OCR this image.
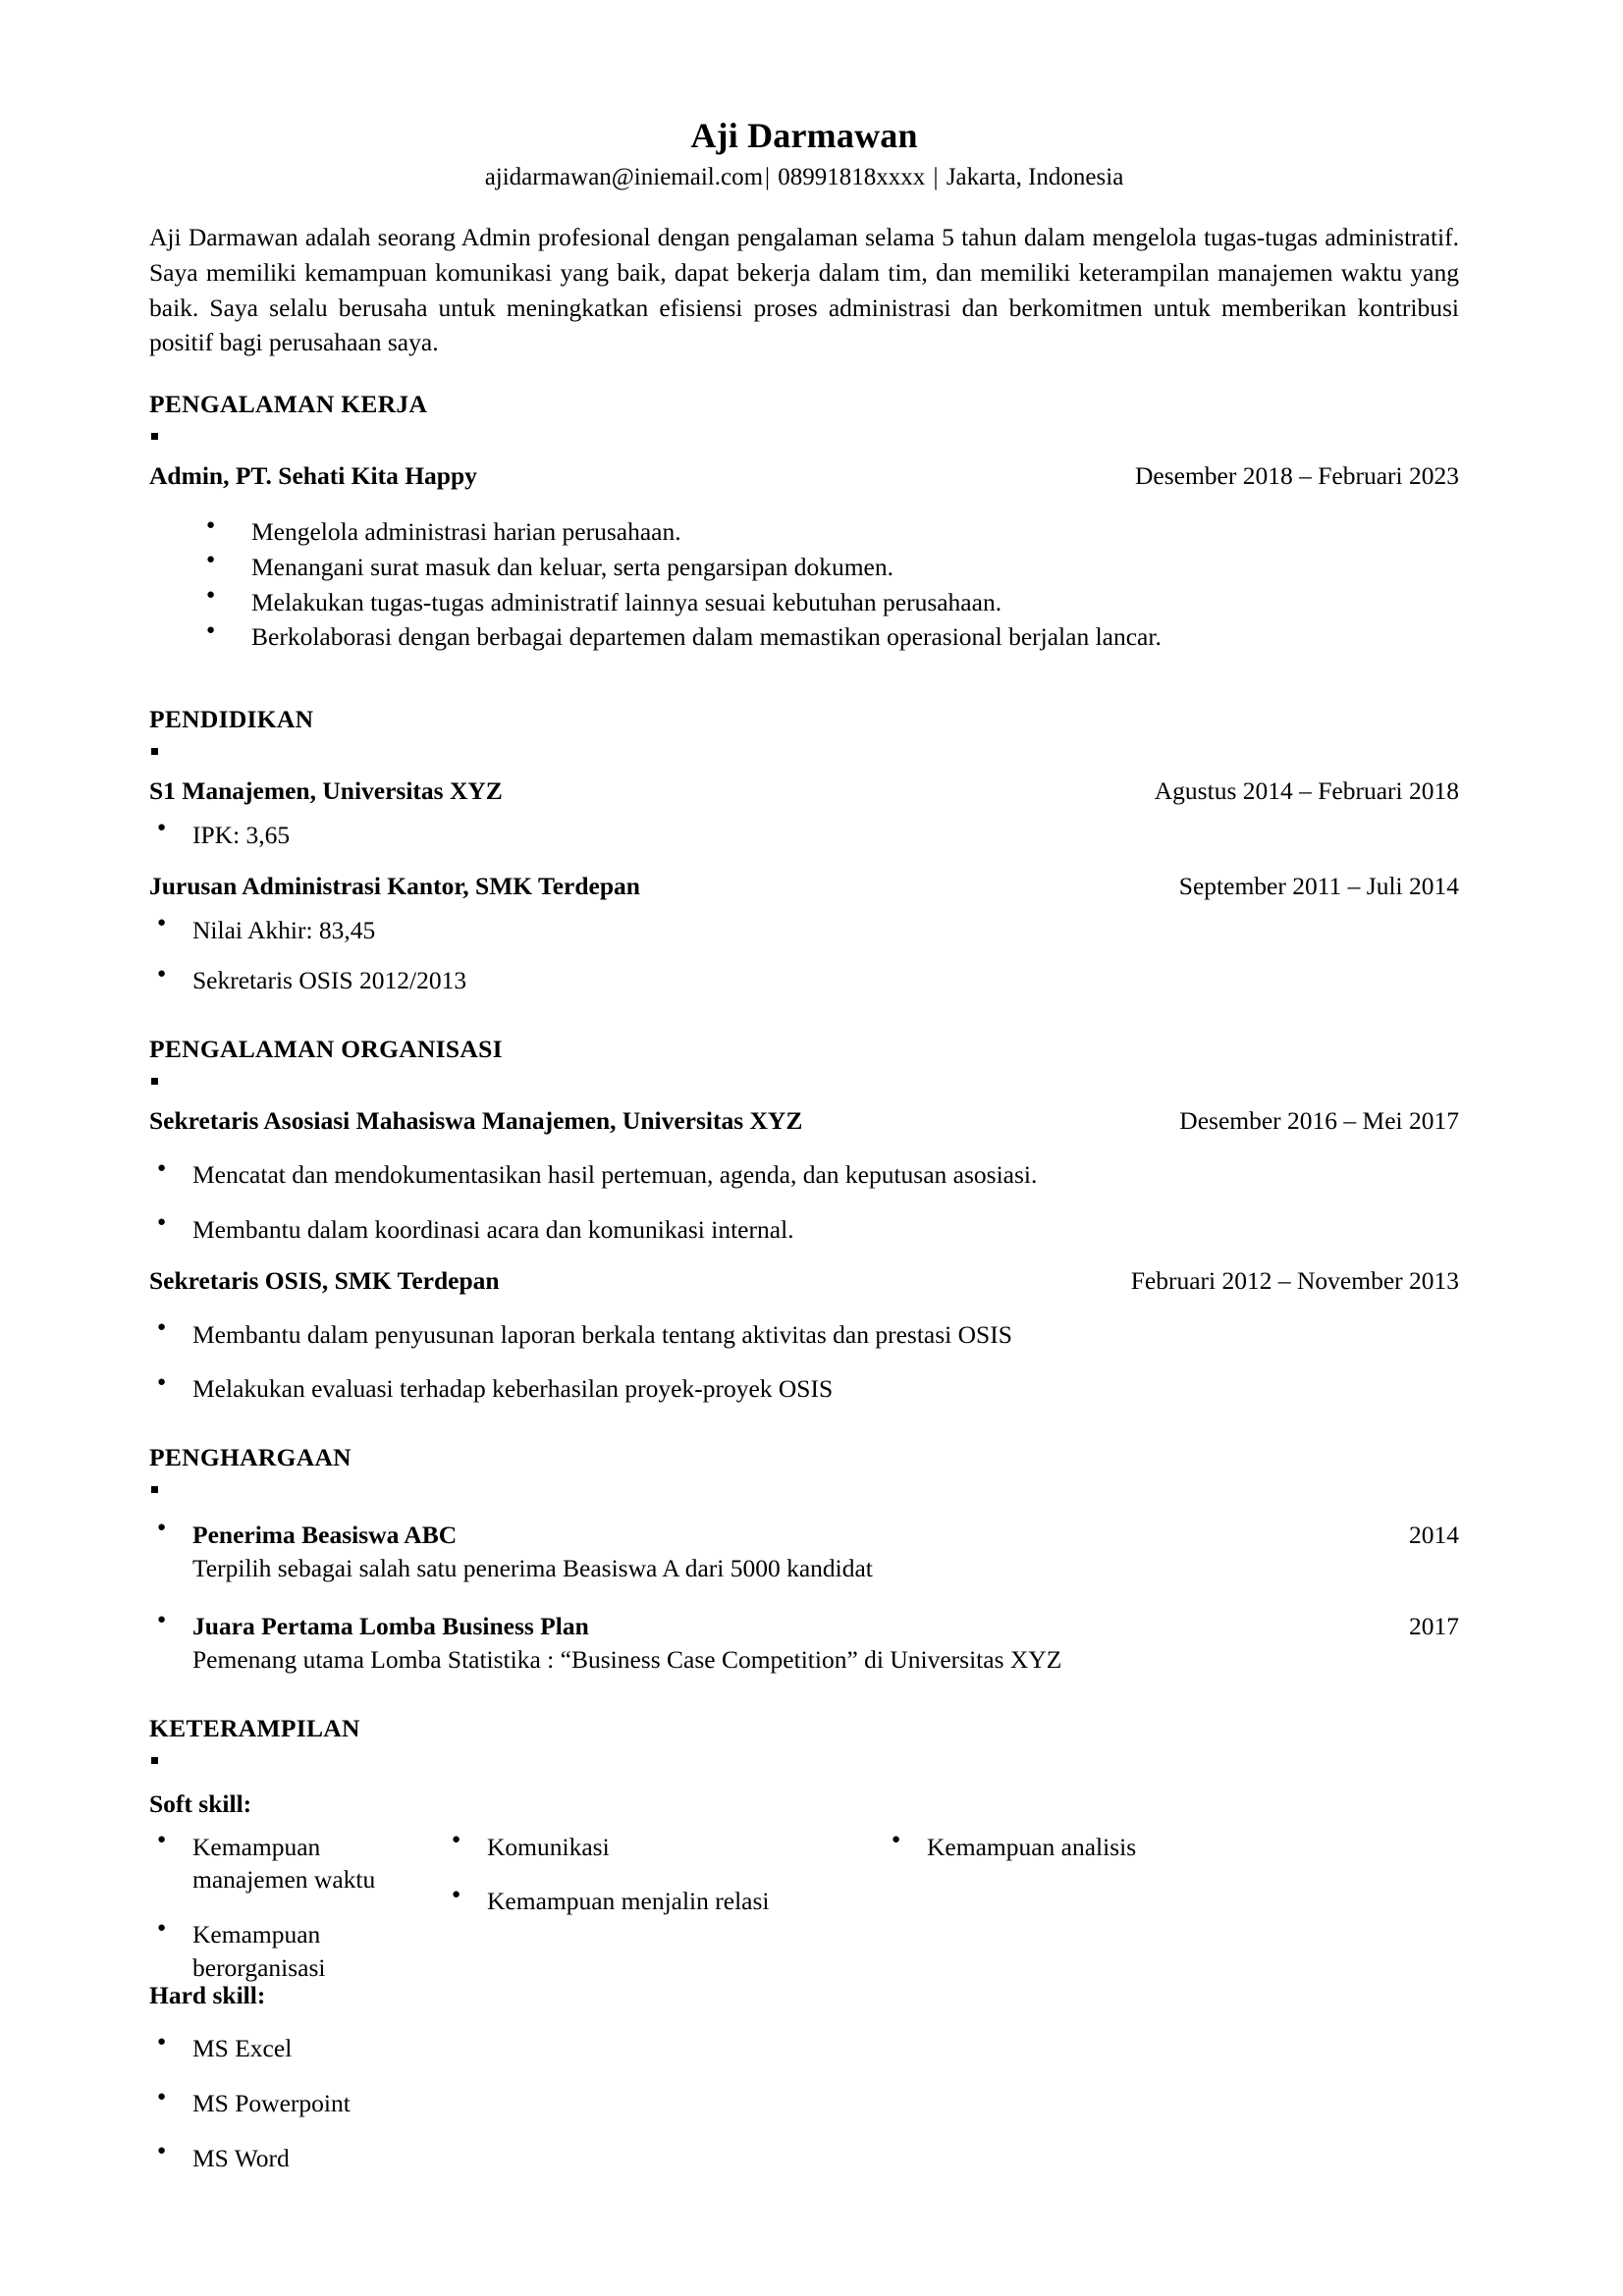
Aji Darmawan
ajidarmawan@iniemail.com| 08991818xxxx | Jakarta, Indonesia
Aji Darmawan adalah seorang Admin profesional dengan pengalaman selama 5 tahun dalam mengelola tugas-tugas administratif. Saya memiliki kemampuan komunikasi yang baik, dapat bekerja dalam tim, dan memiliki keterampilan manajemen waktu yang baik. Saya selalu berusaha untuk meningkatkan efisiensi proses administrasi dan berkomitmen untuk memberikan kontribusi positif bagi perusahaan saya.
PENGALAMAN KERJA
Admin, PT. Sehati Kita Happy	Desember 2018 – Februari 2023
● Mengelola administrasi harian perusahaan.
● Menangani surat masuk dan keluar, serta pengarsipan dokumen.
● Melakukan tugas-tugas administratif lainnya sesuai kebutuhan perusahaan.
● Berkolaborasi dengan berbagai departemen dalam memastikan operasional berjalan lancar.
PENDIDIKAN
S1 Manajemen, Universitas XYZ	Agustus 2014 – Februari 2018
● IPK: 3,65
Jurusan Administrasi Kantor, SMK Terdepan	September 2011 – Juli 2014
● Nilai Akhir: 83,45
● Sekretaris OSIS 2012/2013
PENGALAMAN ORGANISASI
Sekretaris Asosiasi Mahasiswa Manajemen, Universitas XYZ	Desember 2016 – Mei 2017
● Mencatat dan mendokumentasikan hasil pertemuan, agenda, dan keputusan asosiasi.
● Membantu dalam koordinasi acara dan komunikasi internal.
Sekretaris OSIS, SMK Terdepan	Februari 2012 – November 2013
● Membantu dalam penyusunan laporan berkala tentang aktivitas dan prestasi OSIS
● Melakukan evaluasi terhadap keberhasilan proyek-proyek OSIS
PENGHARGAAN
● Penerima Beasiswa ABC	2014
Terpilih sebagai salah satu penerima Beasiswa A dari 5000 kandidat
● Juara Pertama Lomba Business Plan	2017
Pemenang utama Lomba Statistika : “Business Case Competition” di Universitas XYZ
KETERAMPILAN
Soft skill:
● Kemampuan manajemen waktu
● Kemampuan berorganisasi
● Komunikasi
● Kemampuan menjalin relasi
● Kemampuan analisis
Hard skill:
● MS Excel
● MS Powerpoint
● MS Word
